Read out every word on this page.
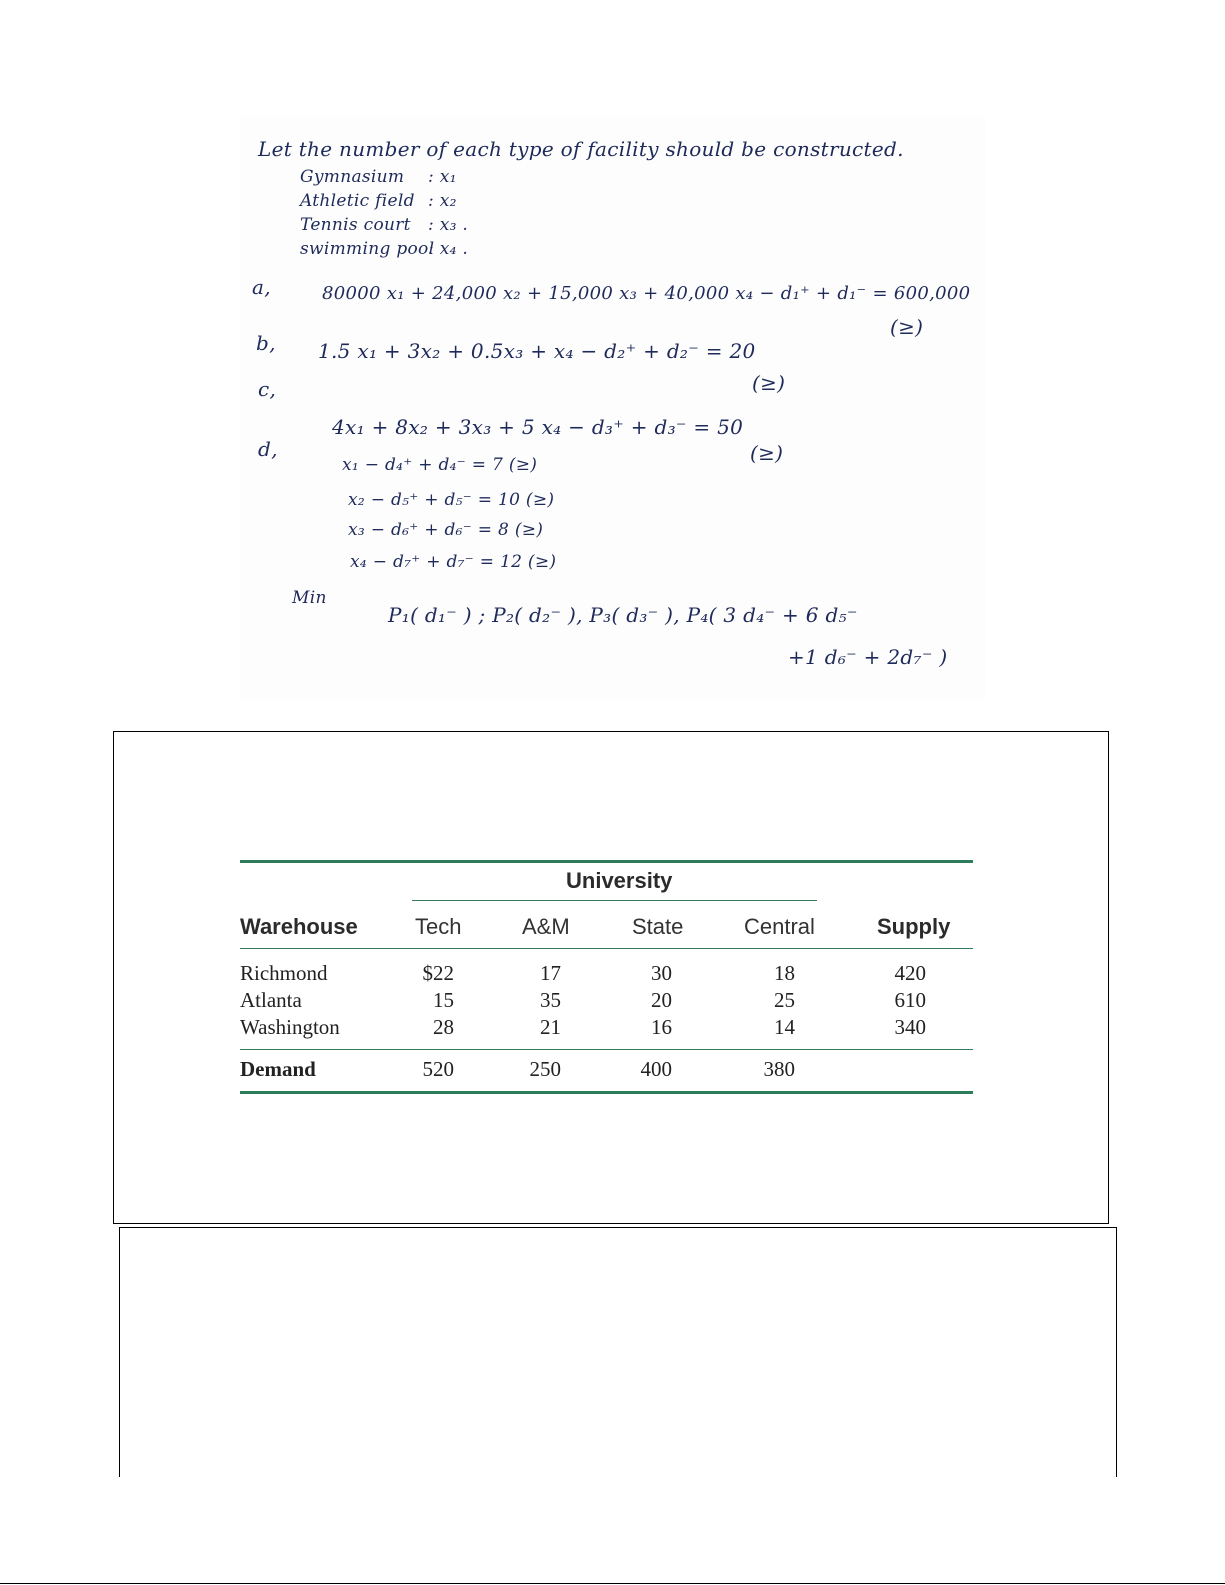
Let the number of each type of facility should be constructed.
Gymnasium : x₁
Athletic field : x₂
Tennis court : x₃ .
swimming pool
: x₄ .
a,	80000 x₁ + 24,000 x₂ + 15,000 x₃ + 40,000 x₄ − d₁⁺ + d₁⁻ = 600,000
(≥)
b, 1.5 x₁ + 3x₂ + 0.5x₃ + x₄ − d₂⁺ + d₂⁻ = 20
(≥)
c,
4x₁ + 8x₂ + 3x₃ + 5 x₄ − d₃⁺ + d₃⁻ = 50
(≥)
d,
x₁ − d₄⁺ + d₄⁻ = 7 (≥)
x₂ − d₅⁺ + d₅⁻ = 10 (≥)
x₃ − d₆⁺ + d₆⁻ = 8 (≥)
x₄ − d₇⁺ + d₇⁻ = 12 (≥)
Min
P₁( d₁⁻ ) ; P₂( d₂⁻ ), P₃( d₃⁻ ), P₄( 3 d₄⁻ + 6 d₅⁻
+1 d₆⁻ + 2d₇⁻ )
University
Warehouse	Tech	A&M	State	Central	Supply
Richmond	$22	17	30	18	420
Atlanta	15	35	20	25	610
Washington	28	21	16	14	340
Demand	520	250	400	380
